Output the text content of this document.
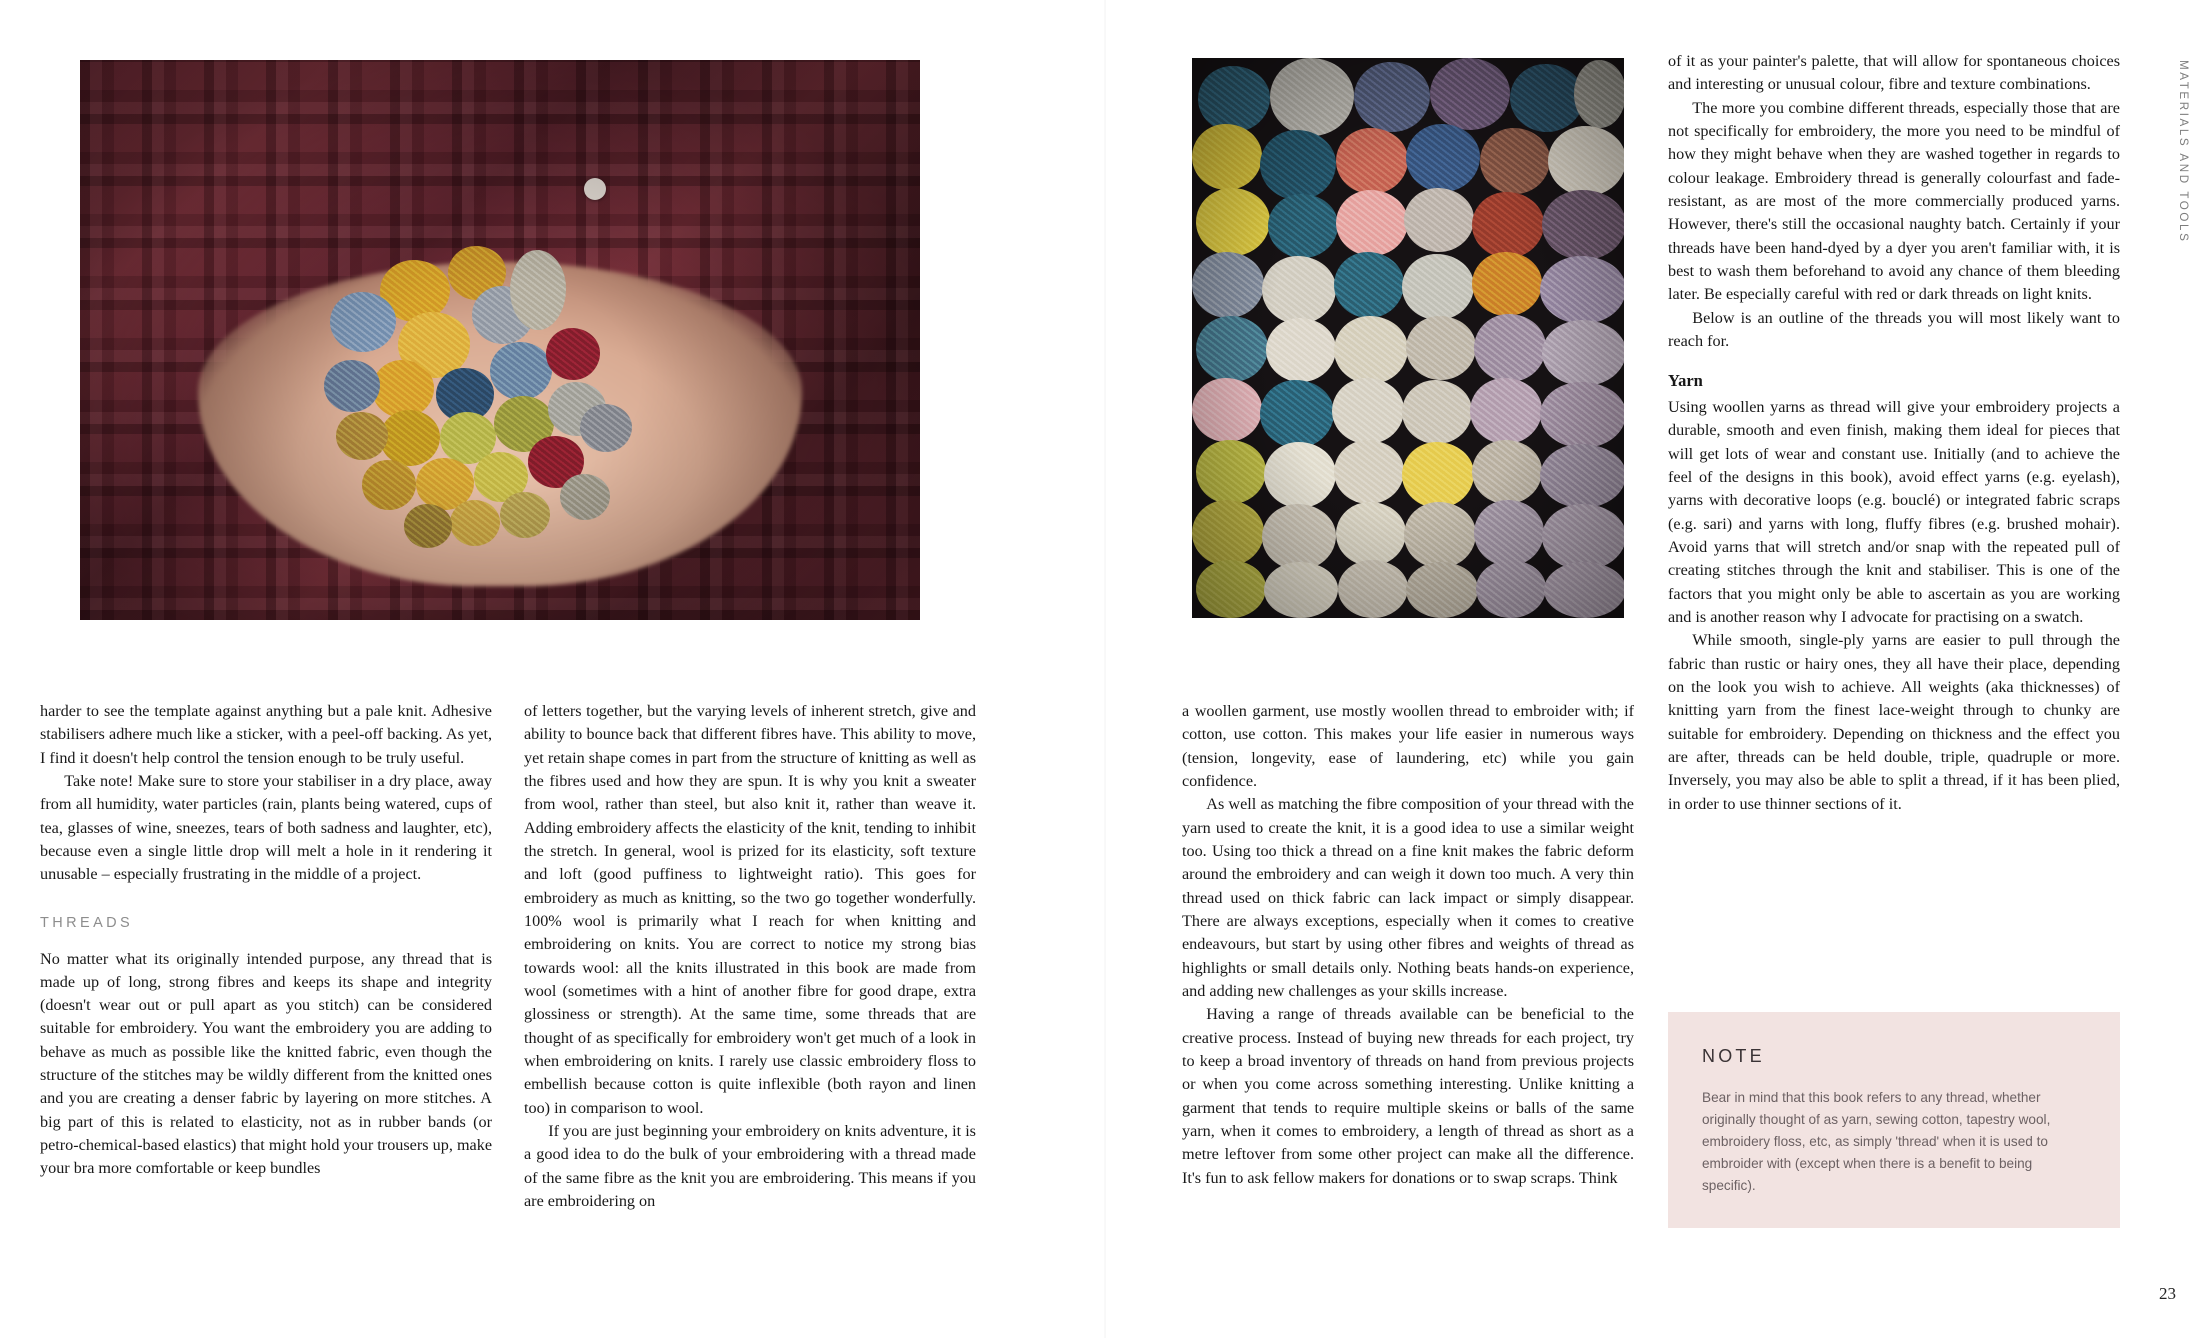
harder to see the template against anything but a pale knit. Adhesive stabilisers adhere much like a sticker, with a peel-off backing. As yet, I find it doesn't help control the tension enough to be truly useful.

Take note! Make sure to store your stabiliser in a dry place, away from all humidity, water particles (rain, plants being watered, cups of tea, glasses of wine, sneezes, tears of both sadness and laughter, etc), because even a single little drop will melt a hole in it rendering it unusable – especially frustrating in the middle of a project.

THREADS

No matter what its originally intended purpose, any thread that is made up of long, strong fibres and keeps its shape and integrity (doesn't wear out or pull apart as you stitch) can be considered suitable for embroidery. You want the embroidery you are adding to behave as much as possible like the knitted fabric, even though the structure of the stitches may be wildly different from the knitted ones and you are creating a denser fabric by layering on more stitches. A big part of this is related to elasticity, not as in rubber bands (or petro-chemical-based elastics) that might hold your trousers up, make your bra more comfortable or keep bundles

of letters together, but the varying levels of inherent stretch, give and ability to bounce back that different fibres have. This ability to move, yet retain shape comes in part from the structure of knitting as well as the fibres used and how they are spun. It is why you knit a sweater from wool, rather than steel, but also knit it, rather than weave it. Adding embroidery affects the elasticity of the knit, tending to inhibit the stretch. In general, wool is prized for its elasticity, soft texture and loft (good puffiness to lightweight ratio). This goes for embroidery as much as knitting, so the two go together wonderfully. 100% wool is primarily what I reach for when knitting and embroidering on knits. You are correct to notice my strong bias towards wool: all the knits illustrated in this book are made from wool (sometimes with a hint of another fibre for good drape, extra glossiness or strength). At the same time, some threads that are thought of as specifically for embroidery won't get much of a look in when embroidering on knits. I rarely use classic embroidery floss to embellish because cotton is quite inflexible (both rayon and linen too) in comparison to wool.

If you are just beginning your embroidery on knits adventure, it is a good idea to do the bulk of your embroidering with a thread made of the same fibre as the knit you are embroidering. This means if you are embroidering on

a woollen garment, use mostly woollen thread to embroider with; if cotton, use cotton. This makes your life easier in numerous ways (tension, longevity, ease of laundering, etc) while you gain confidence.

As well as matching the fibre composition of your thread with the yarn used to create the knit, it is a good idea to use a similar weight too. Using too thick a thread on a fine knit makes the fabric deform around the embroidery and can weigh it down too much. A very thin thread used on thick fabric can lack impact or simply disappear. There are always exceptions, especially when it comes to creative endeavours, but start by using other fibres and weights of thread as highlights or small details only. Nothing beats hands-on experience, and adding new challenges as your skills increase.

Having a range of threads available can be beneficial to the creative process. Instead of buying new threads for each project, try to keep a broad inventory of threads on hand from previous projects or when you come across something interesting. Unlike knitting a garment that tends to require multiple skeins or balls of the same yarn, when it comes to embroidery, a length of thread as short as a metre leftover from some other project can make all the difference. It's fun to ask fellow makers for donations or to swap scraps. Think

of it as your painter's palette, that will allow for spontaneous choices and interesting or unusual colour, fibre and texture combinations.

The more you combine different threads, especially those that are not specifically for embroidery, the more you need to be mindful of how they might behave when they are washed together in regards to colour leakage. Embroidery thread is generally colourfast and fade-resistant, as are most of the more commercially produced yarns. However, there's still the occasional naughty batch. Certainly if your threads have been hand-dyed by a dyer you aren't familiar with, it is best to wash them beforehand to avoid any chance of them bleeding later. Be especially careful with red or dark threads on light knits.

Below is an outline of the threads you will most likely want to reach for.

Yarn

Using woollen yarns as thread will give your embroidery projects a durable, smooth and even finish, making them ideal for pieces that will get lots of wear and constant use. Initially (and to achieve the feel of the designs in this book), avoid effect yarns (e.g. eyelash), yarns with decorative loops (e.g. bouclé) or integrated fabric scraps (e.g. sari) and yarns with long, fluffy fibres (e.g. brushed mohair). Avoid yarns that will stretch and/or snap with the repeated pull of creating stitches through the knit and stabiliser. This is one of the factors that you might only be able to ascertain as you are working and is another reason why I advocate for practising on a swatch.

While smooth, single-ply yarns are easier to pull through the fabric than rustic or hairy ones, they all have their place, depending on the look you wish to achieve. All weights (aka thicknesses) of knitting yarn from the finest lace-weight through to chunky are suitable for embroidery. Depending on thickness and the effect you are after, threads can be held double, triple, quadruple or more. Inversely, you may also be able to split a thread, if it has been plied, in order to use thinner sections of it.

NOTE
Bear in mind that this book refers to any thread, whether originally thought of as yarn, sewing cotton, tapestry wool, embroidery floss, etc, as simply 'thread' when it is used to embroider with (except when there is a benefit to being specific).
MATERIALS AND TOOLS
23
